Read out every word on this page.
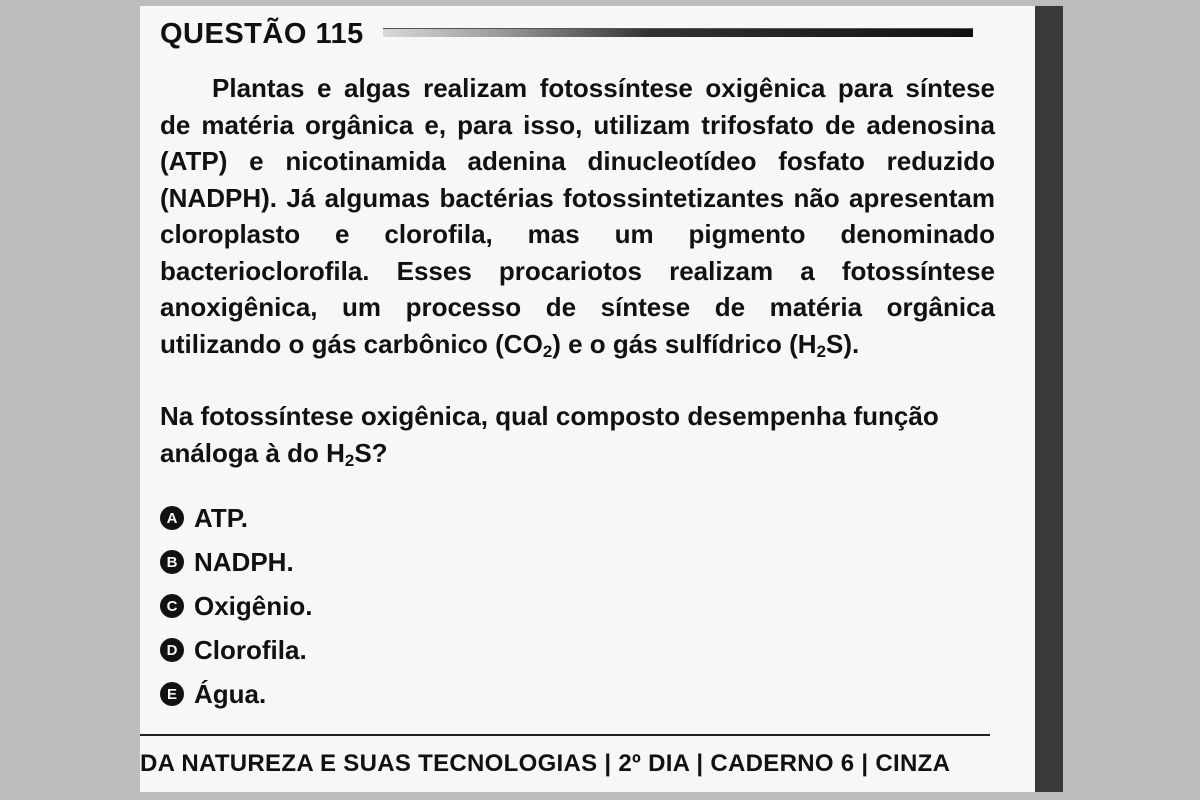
QUESTÃO 115
Plantas e algas realizam fotossíntese oxigênica para síntese de matéria orgânica e, para isso, utilizam trifosfato de adenosina (ATP) e nicotinamida adenina dinucleotídeo fosfato reduzido (NADPH). Já algumas bactérias fotossintetizantes não apresentam cloroplasto e clorofila, mas um pigmento denominado bacterioclorofila. Esses procariotos realizam a fotossíntese anoxigênica, um processo de síntese de matéria orgânica utilizando o gás carbônico $(CO_2)$ e o gás sulfídrico $(H_2S)$.
Na fotossíntese oxigênica, qual composto desempenha função análoga à do $H_2S$?
A ATP.
B NADPH.
C Oxigênio.
D Clorofila.
E Água.
DA NATUREZA E SUAS TECNOLOGIAS | 2º DIA | CADERNO 6 | CINZA
